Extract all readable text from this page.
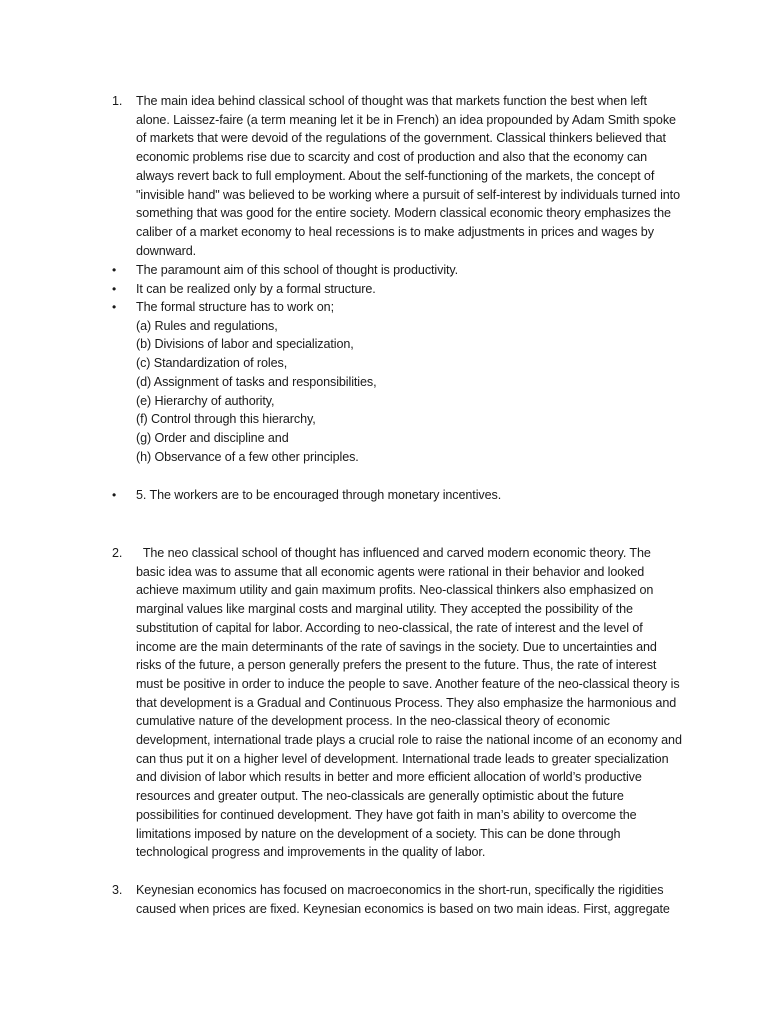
1.	The main idea behind classical school of thought was that markets function the best when left alone. Laissez-faire (a term meaning let it be in French) an idea propounded by Adam Smith spoke of markets that were devoid of the regulations of the government. Classical thinkers believed that economic problems rise due to scarcity and cost of production and also that the economy can always revert back to full employment. About the self-functioning of the markets, the concept of "invisible hand" was believed to be working where a pursuit of self-interest by individuals turned into something that was good for the entire society. Modern classical economic theory emphasizes the caliber of a market economy to heal recessions is to make adjustments in prices and wages by downward.
•	The paramount aim of this school of thought is productivity.
•	It can be realized only by a formal structure.
•	The formal structure has to work on;
(a) Rules and regulations,
(b) Divisions of labor and specialization,
(c) Standardization of roles,
(d) Assignment of tasks and responsibilities,
(e) Hierarchy of authority,
(f) Control through this hierarchy,
(g) Order and discipline and
(h) Observance of a few other principles.
•	5. The workers are to be encouraged through monetary incentives.
2.	The neo classical school of thought has influenced and carved modern economic theory. The basic idea was to assume that all economic agents were rational in their behavior and looked achieve maximum utility and gain maximum profits. Neo-classical thinkers also emphasized on marginal values like marginal costs and marginal utility. They accepted the possibility of the substitution of capital for labor. According to neo-classical, the rate of interest and the level of income are the main determinants of the rate of savings in the society. Due to uncertainties and risks of the future, a person generally prefers the present to the future. Thus, the rate of interest must be positive in order to induce the people to save. Another feature of the neo-classical theory is that development is a Gradual and Continuous Process. They also emphasize the harmonious and cumulative nature of the development process. In the neo-classical theory of economic development, international trade plays a crucial role to raise the national income of an economy and can thus put it on a higher level of development. International trade leads to greater specialization and division of labor which results in better and more efficient allocation of world’s productive resources and greater output. The neo-classicals are generally optimistic about the future possibilities for continued development. They have got faith in man’s ability to overcome the limitations imposed by nature on the development of a society. This can be done through technological progress and improvements in the quality of labor.
3.	Keynesian economics has focused on macroeconomics in the short-run, specifically the rigidities caused when prices are fixed. Keynesian economics is based on two main ideas. First, aggregate
